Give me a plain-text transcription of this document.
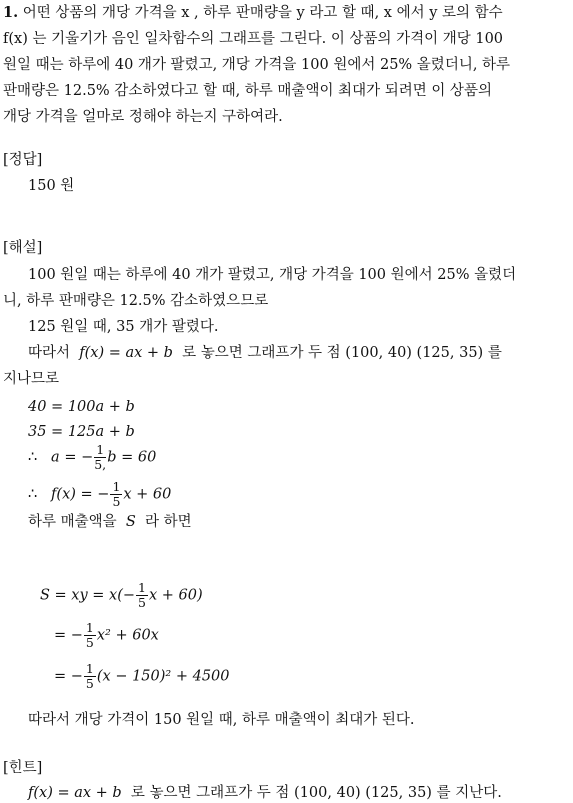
1. 어떤 상품의 개당 가격을 x , 하루 판매량을 y 라고 할 때, x 에서 y 로의 함수
f(x) 는 기울기가 음인 일차함수의 그래프를 그린다. 이 상품의 가격이 개당 100
원일 때는 하루에 40 개가 팔렸고, 개당 가격을 100 원에서 25% 올렸더니, 하루
판매량은 12.5% 감소하였다고 할 때, 하루 매출액이 최대가 되려면 이 상품의
개당 가격을 얼마로 정해야 하는지 구하여라.
[정답]
150 원
[해설]
100 원일 때는 하루에 40 개가 팔렸고, 개당 가격을 100 원에서 25% 올렸더
니, 하루 판매량은 12.5% 감소하였으므로
125 원일 때, 35 개가 팔렸다.
따라서  f(x) = ax + b  로 놓으면 그래프가 두 점 (100, 40) (125, 35) 를
지나므로
40 = 100a + b
35 = 125a + b
∴   a = − $\frac{1}{5,}$ b = 60
∴   f(x) = − $\frac{1}{5}$ x + 60
하루 매출액을  S  라 하면
S = xy = $x(- \frac{1}{5}$ x + 60)
= − $\frac{1}{5} x^2 + 60x$
= − $\frac{1}{5} (x - 150)^2 + 4500$
따라서 개당 가격이 150 원일 때, 하루 매출액이 최대가 된다.
[힌트]
f(x) = ax + b  로 놓으면 그래프가 두 점 (100, 40) (125, 35) 를 지난다.
